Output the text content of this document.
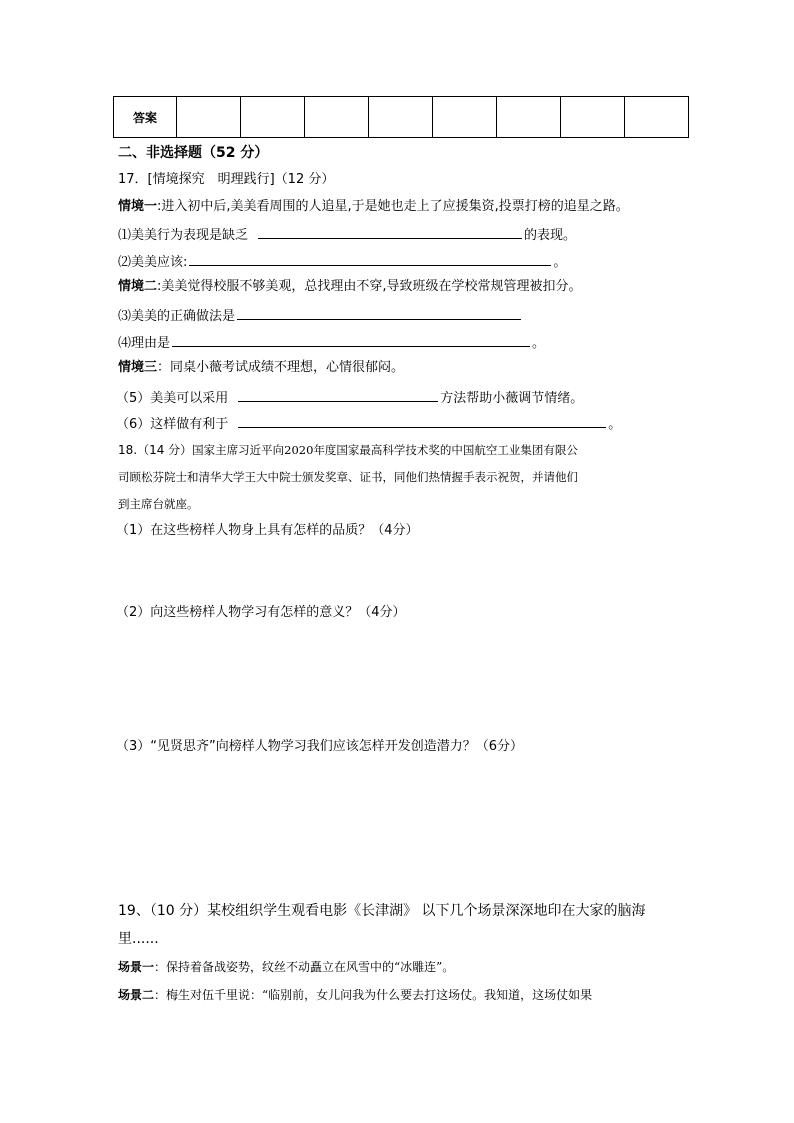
答案								
二、非选择题（52 分）
17．[情境探究　明理践行]（12 分）
情境一:进入初中后,美美看周围的人追星,于是她也走上了应援集资,投票打榜的追星之路。
⑴美美行为表现是缺乏	的表现。
⑵美美应该:	。
情境二:美美觉得校服不够美观，总找理由不穿,导致班级在学校常规管理被扣分。
⑶美美的正确做法是
⑷理由是	。
情境三：同桌小薇考试成绩不理想，心情很郁闷。
（5）美美可以采用	方法帮助小薇调节情绪。
（6）这样做有利于	。
18.（14 分）国家主席习近平向2020年度国家最高科学技术奖的中国航空工业集团有限公
司顾松芬院士和清华大学王大中院士颁发奖章、证书，同他们热情握手表示祝贺，并请他们
到主席台就座。
（1）在这些榜样人物身上具有怎样的品质？（4分）
（2）向这些榜样人物学习有怎样的意义？（4分）
（3）“见贤思齐”向榜样人物学习我们应该怎样开发创造潜力？（6分）
19、（10 分）某校组织学生观看电影《长津湖》 以下几个场景深深地印在大家的脑海
里......
场景一：保持着备战姿势，纹丝不动矗立在风雪中的“冰雕连”。
场景二：梅生对伍千里说：“临别前，女儿问我为什么要去打这场仗。我知道，这场仗如果
